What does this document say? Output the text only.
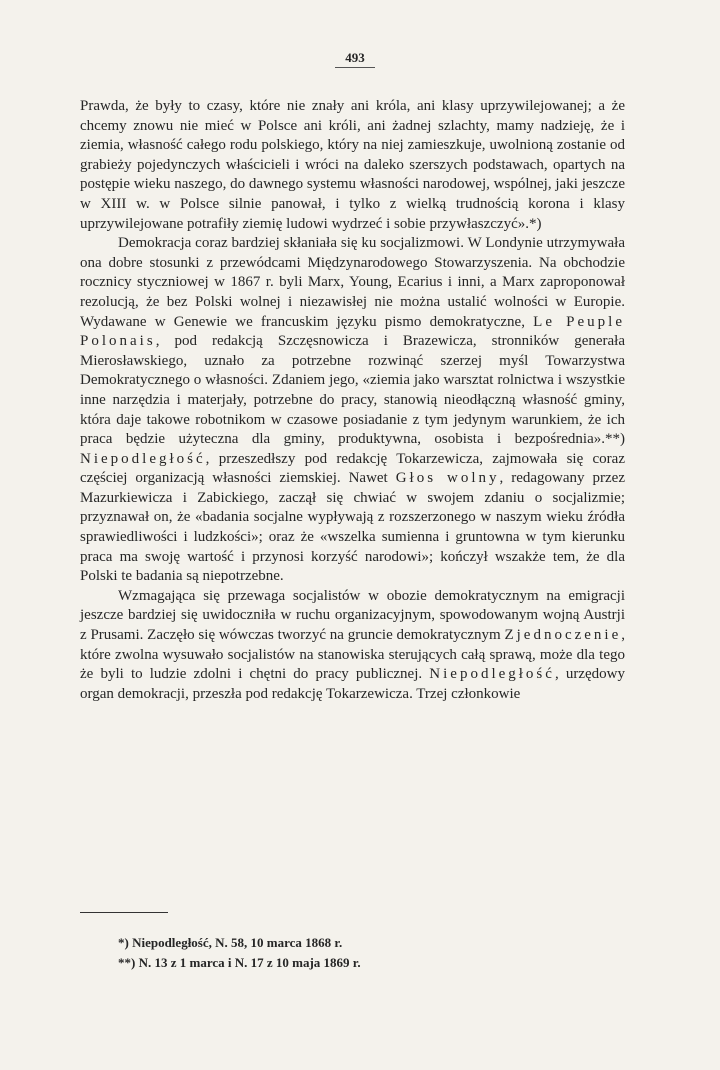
493

Prawda, że były to czasy, które nie znały ani króla, ani klasy uprzywilejowanej; a że chcemy znowu nie mieć w Polsce ani króli, ani żadnej szlachty, mamy nadzieję, że i ziemia, własność całego rodu polskiego, który na niej zamieszkuje, uwolnioną zostanie od grabieży pojedynczych właścicieli i wróci na daleko szerszych podstawach, opartych na postępie wieku naszego, do dawnego systemu własności narodowej, wspólnej, jaki jeszcze w XIII w. w Polsce silnie panował, i tylko z wielką trudnością korona i klasy uprzywilejowane potrafiły ziemię ludowi wydrzeć i sobie przywłaszczyć».*)

Demokracja coraz bardziej skłaniała się ku socjalizmowi. W Londynie utrzymywała ona dobre stosunki z przewódcami Międzynarodowego Stowarzyszenia. Na obchodzie rocznicy styczniowej w 1867 r. byli Marx, Young, Ecarius i inni, a Marx zaproponował rezolucją, że bez Polski wolnej i niezawisłej nie można ustalić wolności w Europie. Wydawane w Genewie we francuskim języku pismo demokratyczne, Le Peuple Polonais, pod redakcją Szczęsnowicza i Brazewicza, stronników generała Mierosławskiego, uznało za potrzebne rozwinąć szerzej myśl Towarzystwa Demokratycznego o własności. Zdaniem jego, «ziemia jako warsztat rolnictwa i wszystkie inne narzędzia i materjały, potrzebne do pracy, stanowią nieodłączną własność gminy, która daje takowe robotnikom w czasowe posiadanie z tym jedynym warunkiem, że ich praca będzie użyteczna dla gminy, produktywna, osobista i bezpośrednia».**) Niepodległość, przeszedłszy pod redakcję Tokarzewicza, zajmowała się coraz częściej organizacją własności ziemskiej. Nawet Głos wolny, redagowany przez Mazurkiewicza i Zabickiego, zaczął się chwiać w swojem zdaniu o socjalizmie; przyznawał on, że «badania socjalne wypływają z rozszerzonego w naszym wieku źródła sprawiedliwości i ludzkości»; oraz że «wszelka sumienna i gruntowna w tym kierunku praca ma swoję wartość i przynosi korzyść narodowi»; kończył wszakże tem, że dla Polski te badania są niepotrzebne.

Wzmagająca się przewaga socjalistów w obozie demokratycznym na emigracji jeszcze bardziej się uwidoczniła w ruchu organizacyjnym, spowodowanym wojną Austrji z Prusami. Zaczęło się wówczas tworzyć na gruncie demokratycznym Zjednoczenie, które zwolna wysuwało socjalistów na stanowiska sterujących całą sprawą, może dla tego że byli to ludzie zdolni i chętni do pracy publicznej. Niepodległość, urzędowy organ demokracji, przeszła pod redakcję Tokarzewicza. Trzej członkowie

*) Niepodległość, N. 58, 10 marca 1868 r.
**) N. 13 z 1 marca i N. 17 z 10 maja 1869 r.
